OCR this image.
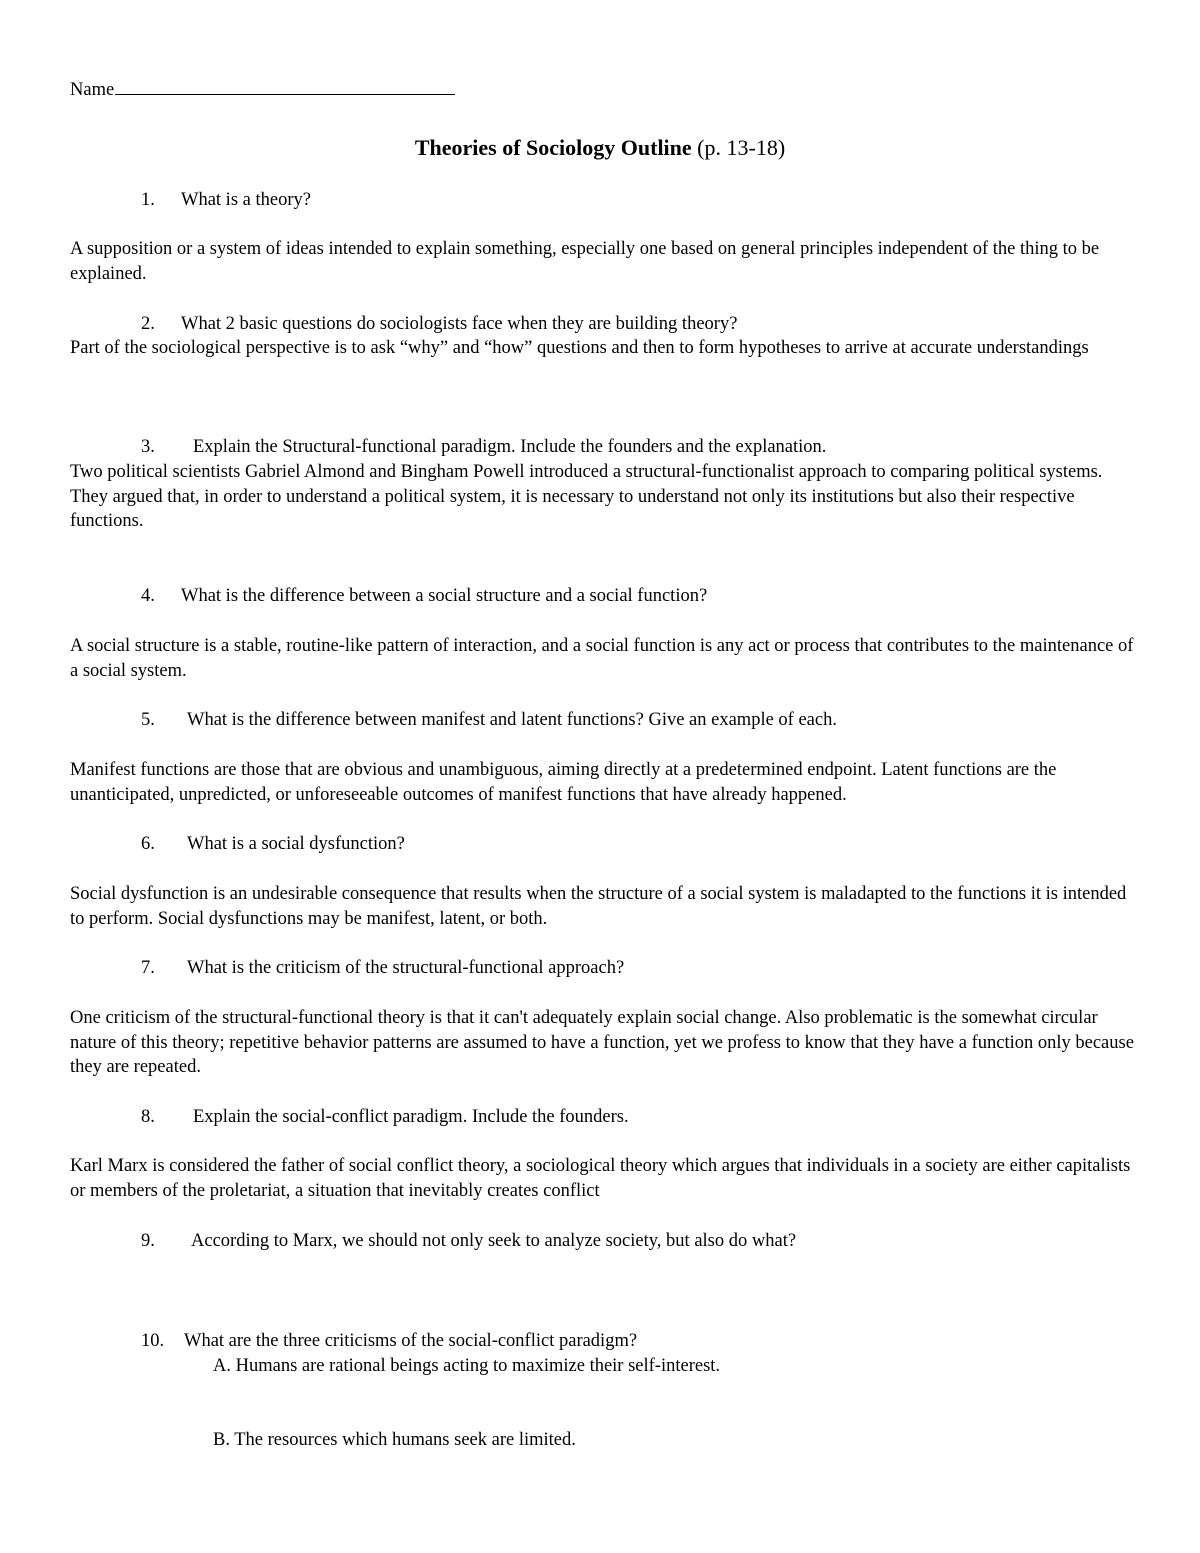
Name
Theories of Sociology Outline (p. 13-18)
1. What is a theory?
A supposition or a system of ideas intended to explain something, especially one based on general principles independent of the thing to be explained.
2. What 2 basic questions do sociologists face when they are building theory?
Part of the sociological perspective is to ask “why” and “how” questions and then to form hypotheses to arrive at accurate understandings
3. Explain the Structural-functional paradigm. Include the founders and the explanation.
Two political scientists Gabriel Almond and Bingham Powell introduced a structural-functionalist approach to comparing political systems. They argued that, in order to understand a political system, it is necessary to understand not only its institutions but also their respective functions.
4. What is the difference between a social structure and a social function?
A social structure is a stable, routine-like pattern of interaction, and a social function is any act or process that contributes to the maintenance of a social system.
5. What is the difference between manifest and latent functions? Give an example of each.
Manifest functions are those that are obvious and unambiguous, aiming directly at a predetermined endpoint. Latent functions are the unanticipated, unpredicted, or unforeseeable outcomes of manifest functions that have already happened.
6. What is a social dysfunction?
Social dysfunction is an undesirable consequence that results when the structure of a social system is maladapted to the functions it is intended to perform. Social dysfunctions may be manifest, latent, or both.
7. What is the criticism of the structural-functional approach?
One criticism of the structural-functional theory is that it can't adequately explain social change. Also problematic is the somewhat circular nature of this theory; repetitive behavior patterns are assumed to have a function, yet we profess to know that they have a function only because they are repeated.
8. Explain the social-conflict paradigm. Include the founders.
Karl Marx is considered the father of social conflict theory, a sociological theory which argues that individuals in a society are either capitalists or members of the proletariat, a situation that inevitably creates conflict
9. According to Marx, we should not only seek to analyze society, but also do what?
10. What are the three criticisms of the social-conflict paradigm?
A. Humans are rational beings acting to maximize their self-interest.
B. The resources which humans seek are limited.
